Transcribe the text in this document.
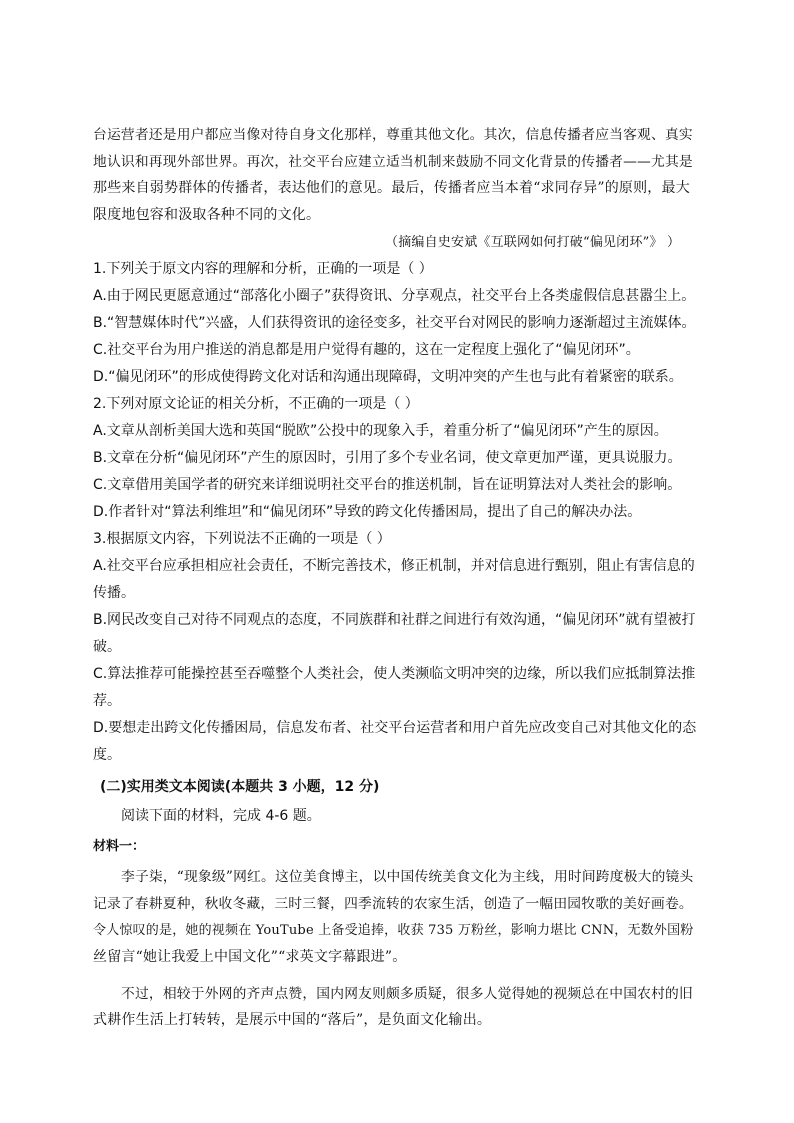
台运营者还是用户都应当像对待自身文化那样，尊重其他文化。其次，信息传播者应当客观、真实

地认识和再现外部世界。再次，社交平台应建立适当机制来鼓励不同文化背景的传播者——尤其是

那些来自弱势群体的传播者，表达他们的意见。最后，传播者应当本着“求同存异”的原则，最大

限度地包容和汲取各种不同的文化。

（摘编自史安斌《互联网如何打破“偏见闭环”》 ）

1.下列关于原文内容的理解和分析，正确的一项是（ ）

A.由于网民更愿意通过“部落化小圈子”获得资讯、分享观点，社交平台上各类虚假信息甚嚣尘上。

B.“智慧媒体时代”兴盛，人们获得资讯的途径变多，社交平台对网民的影响力逐渐超过主流媒体。

C.社交平台为用户推送的消息都是用户觉得有趣的，这在一定程度上强化了“偏见闭环”。

D.“偏见闭环”的形成使得跨文化对话和沟通出现障碍，文明冲突的产生也与此有着紧密的联系。

2.下列对原文论证的相关分析，不正确的一项是（ ）

A.文章从剖析美国大选和英国“脱欧”公投中的现象入手，着重分析了“偏见闭环”产生的原因。

B.文章在分析“偏见闭环”产生的原因时，引用了多个专业名词，使文章更加严谨，更具说服力。

C.文章借用美国学者的研究来详细说明社交平台的推送机制，旨在证明算法对人类社会的影响。

D.作者针对“算法利维坦”和“偏见闭环”导致的跨文化传播困局，提出了自己的解决办法。

3.根据原文内容，下列说法不正确的一项是（ ）

A.社交平台应承担相应社会责任，不断完善技术，修正机制，并对信息进行甄别，阻止有害信息的

传播。

B.网民改变自己对待不同观点的态度，不同族群和社群之间进行有效沟通，“偏见闭环”就有望被打

破。

C.算法推荐可能操控甚至吞噬整个人类社会，使人类濒临文明冲突的边缘，所以我们应抵制算法推

荐。

D.要想走出跨文化传播困局，信息发布者、社交平台运营者和用户首先应改变自己对其他文化的态

度。

(二)实用类文本阅读(本题共 3 小题，12 分)

阅读下面的材料，完成 4-6 题。

材料一：

李子柒，“现象级”网红。这位美食博主，以中国传统美食文化为主线，用时间跨度极大的镜头

记录了春耕夏种，秋收冬藏，三时三餐，四季流转的农家生活，创造了一幅田园牧歌的美好画卷。

令人惊叹的是，她的视频在 YouTube 上备受追捧，收获 735 万粉丝，影响力堪比 CNN，无数外国粉

丝留言“她让我爱上中国文化”“求英文字幕跟进”。

不过，相较于外网的齐声点赞，国内网友则颇多质疑，很多人觉得她的视频总在中国农村的旧

式耕作生活上打转转，是展示中国的“落后”，是负面文化输出。
